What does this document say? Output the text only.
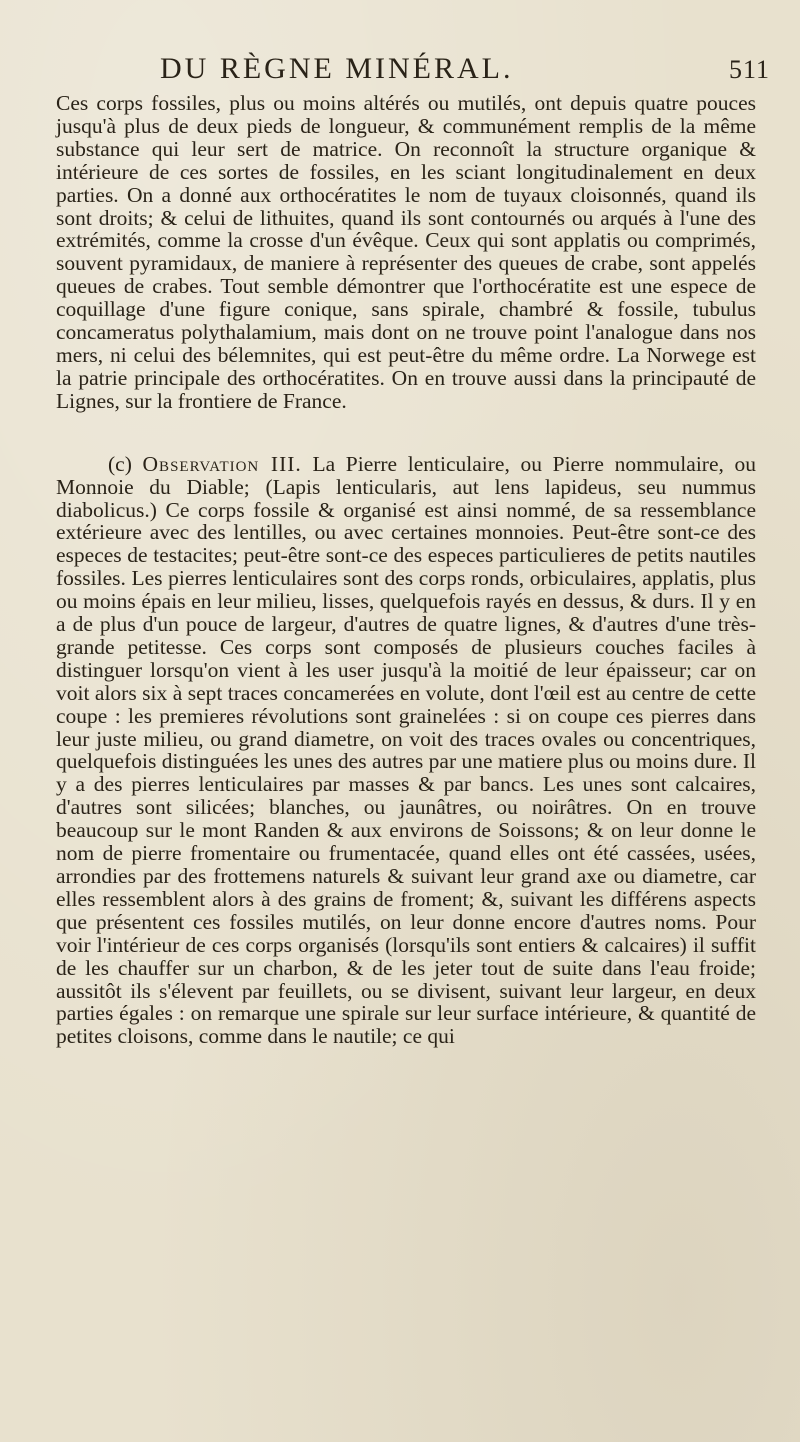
DU RÈGNE MINÉRAL.	511

Ces corps fossiles, plus ou moins altérés ou mutilés, ont depuis quatre pouces jusqu'à plus de deux pieds de longueur, & communément remplis de la même substance qui leur sert de matrice. On reconnoît la structure organique & intérieure de ces sortes de fossiles, en les sciant longitudinalement en deux parties. On a donné aux orthocératites le nom de tuyaux cloisonnés, quand ils sont droits; & celui de lithuites, quand ils sont contournés ou arqués à l'une des extrémités, comme la crosse d'un évêque. Ceux qui sont applatis ou comprimés, souvent pyramidaux, de maniere à représenter des queues de crabe, sont appelés queues de crabes. Tout semble démontrer que l'orthocératite est une espece de coquillage d'une figure conique, sans spirale, chambré & fossile, tubulus concameratus polythalamium, mais dont on ne trouve point l'analogue dans nos mers, ni celui des bélemnites, qui est peut-être du même ordre. La Norwege est la patrie principale des orthocératites. On en trouve aussi dans la principauté de Lignes, sur la frontiere de France.

(c) Observation III. La Pierre lenticulaire, ou Pierre nommulaire, ou Monnoie du Diable; (Lapis lenticularis, aut lens lapideus, seu nummus diabolicus.) Ce corps fossile & organisé est ainsi nommé, de sa ressemblance extérieure avec des lentilles, ou avec certaines monnoies. Peut-être sont-ce des especes de testacites; peut-être sont-ce des especes particulieres de petits nautiles fossiles. Les pierres lenticulaires sont des corps ronds, orbiculaires, applatis, plus ou moins épais en leur milieu, lisses, quelquefois rayés en dessus, & durs. Il y en a de plus d'un pouce de largeur, d'autres de quatre lignes, & d'autres d'une très-grande petitesse. Ces corps sont composés de plusieurs couches faciles à distinguer lorsqu'on vient à les user jusqu'à la moitié de leur épaisseur; car on voit alors six à sept traces concamerées en volute, dont l'œil est au centre de cette coupe : les premieres révolutions sont grainelées : si on coupe ces pierres dans leur juste milieu, ou grand diametre, on voit des traces ovales ou concentriques, quelquefois distinguées les unes des autres par une matiere plus ou moins dure. Il y a des pierres lenticulaires par masses & par bancs. Les unes sont calcaires, d'autres sont silicées; blanches, ou jaunâtres, ou noirâtres. On en trouve beaucoup sur le mont Randen & aux environs de Soissons; & on leur donne le nom de pierre fromentaire ou frumentacée, quand elles ont été cassées, usées, arrondies par des frottemens naturels & suivant leur grand axe ou diametre, car elles ressemblent alors à des grains de froment; &, suivant les différens aspects que présentent ces fossiles mutilés, on leur donne encore d'autres noms. Pour voir l'intérieur de ces corps organisés (lorsqu'ils sont entiers & calcaires) il suffit de les chauffer sur un charbon, & de les jeter tout de suite dans l'eau froide; aussitôt ils s'élevent par feuillets, ou se divisent, suivant leur largeur, en deux parties égales : on remarque une spirale sur leur surface intérieure, & quantité de petites cloisons, comme dans le nautile; ce qui
